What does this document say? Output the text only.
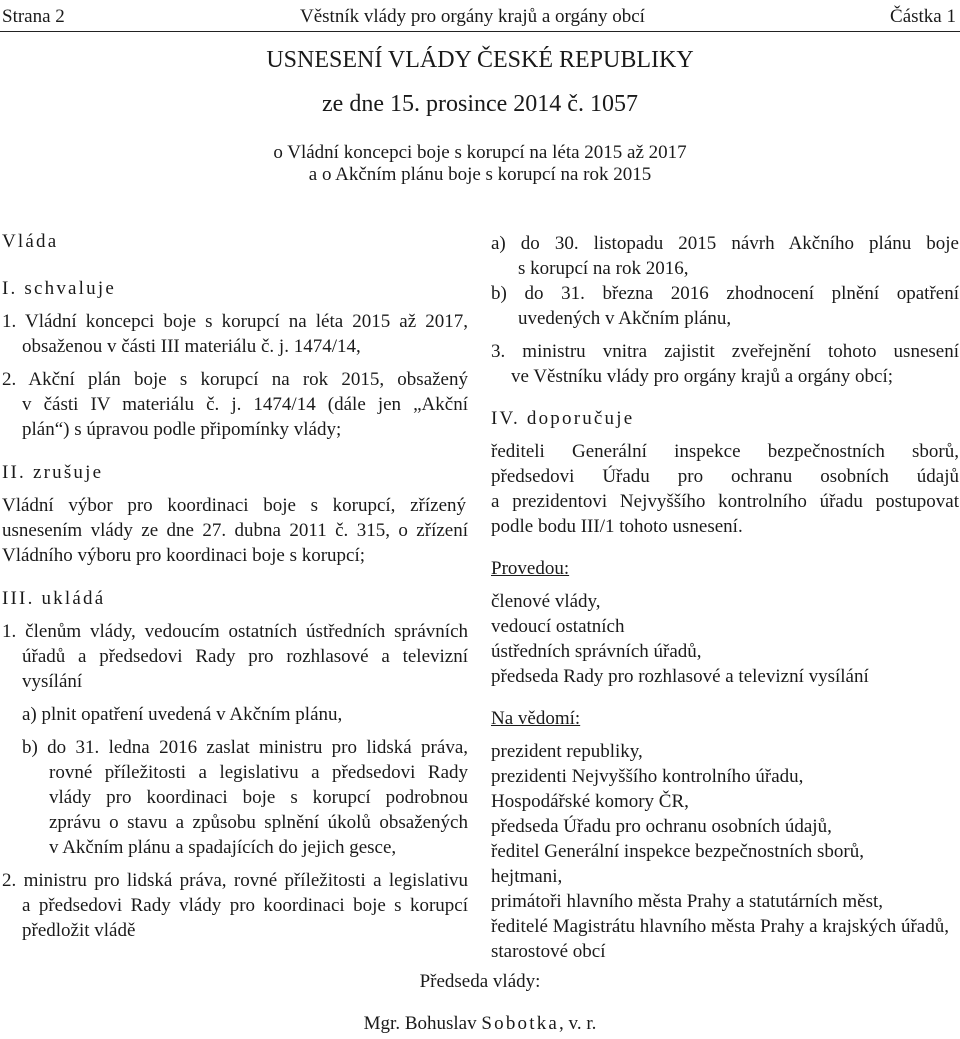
Strana 2	Věstník vlády pro orgány krajů a orgány obcí	Částka 1
USNESENÍ VLÁDY ČESKÉ REPUBLIKY
ze dne 15. prosince 2014 č. 1057
o Vládní koncepci boje s korupcí na léta 2015 až 2017
a o Akčním plánu boje s korupcí na rok 2015
Vláda
I. schvaluje
1. Vládní koncepci boje s korupcí na léta 2015 až 2017,
obsaženou v části III materiálu č. j. 1474/14,
2. Akční plán boje s korupcí na rok 2015, obsažený
v části IV materiálu č. j. 1474/14 (dále jen „Akční
plán“) s úpravou podle připomínky vlády;
II. zrušuje
Vládní výbor pro koordinaci boje s korupcí, zřízený
usnesením vlády ze dne 27. dubna 2011 č. 315, o zřízení
Vládního výboru pro koordinaci boje s korupcí;
III. ukládá
1. členům vlády, vedoucím ostatních ústředních správních
úřadů a předsedovi Rady pro rozhlasové a televizní
vysílání
a) plnit opatření uvedená v Akčním plánu,
b) do 31. ledna 2016 zaslat ministru pro lidská práva,
rovné příležitosti a legislativu a předsedovi Rady
vlády pro koordinaci boje s korupcí podrobnou
zprávu o stavu a způsobu splnění úkolů obsažených
v Akčním plánu a spadajících do jejich gesce,
2. ministru pro lidská práva, rovné příležitosti a legislativu
a předsedovi Rady vlády pro koordinaci boje s korupcí
předložit vládě
a) do 30. listopadu 2015 návrh Akčního plánu boje
s korupcí na rok 2016,
b) do 31. března 2016 zhodnocení plnění opatření
uvedených v Akčním plánu,
3. ministru vnitra zajistit zveřejnění tohoto usnesení
ve Věstníku vlády pro orgány krajů a orgány obcí;
IV. doporučuje
řediteli Generální inspekce bezpečnostních sborů,
předsedovi Úřadu pro ochranu osobních údajů
a prezidentovi Nejvyššího kontrolního úřadu postupovat
podle bodu III/1 tohoto usnesení.
Provedou:
členové vlády,
vedoucí ostatních
ústředních správních úřadů,
předseda Rady pro rozhlasové a televizní vysílání
Na vědomí:
prezident republiky,
prezidenti Nejvyššího kontrolního úřadu,
Hospodářské komory ČR,
předseda Úřadu pro ochranu osobních údajů,
ředitel Generální inspekce bezpečnostních sborů,
hejtmani,
primátoři hlavního města Prahy a statutárních měst,
ředitelé Magistrátu hlavního města Prahy a krajských úřadů,
starostové obcí
Předseda vlády:
Mgr. Bohuslav Sobotka, v. r.
